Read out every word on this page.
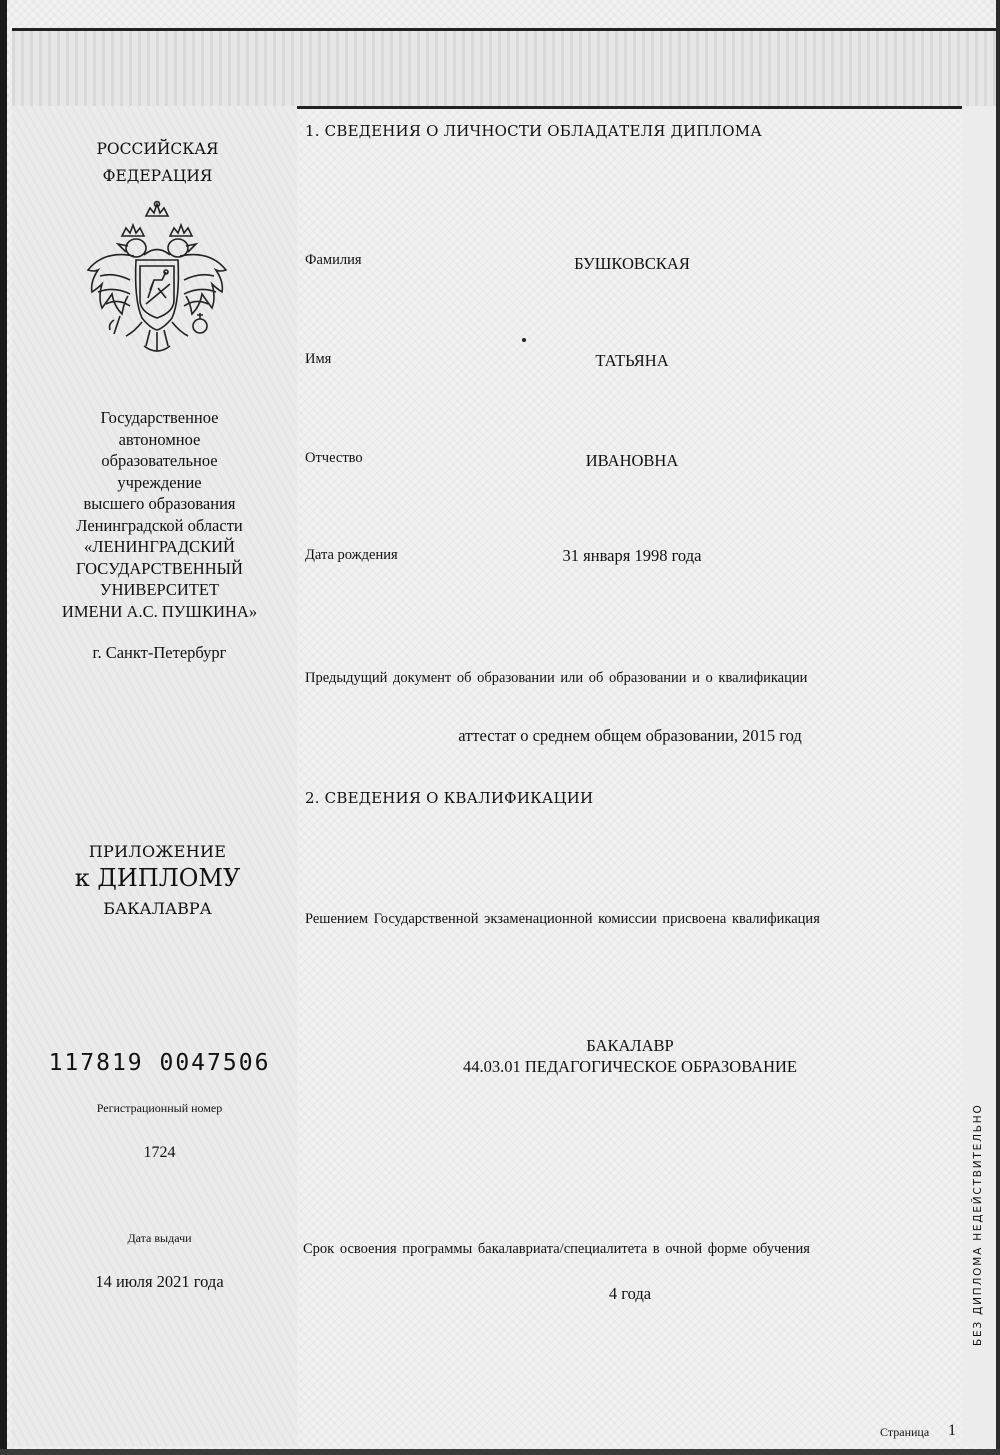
РОССИЙСКАЯ
ФЕДЕРАЦИЯ
Государственное
автономное
образовательное
учреждение
высшего образования
Ленинградской области
«ЛЕНИНГРАДСКИЙ
ГОСУДАРСТВЕННЫЙ
УНИВЕРСИТЕТ
ИМЕНИ А.С. ПУШКИНА»
г. Санкт-Петербург
ПРИЛОЖЕНИЕ
к ДИПЛОМУ
БАКАЛАВРА
117819 0047506
Регистрационный номер
1724
Дата выдачи
14 июля 2021 года
1. СВЕДЕНИЯ О ЛИЧНОСТИ ОБЛАДАТЕЛЯ ДИПЛОМА
Фамилия	БУШКОВСКАЯ
Имя	ТАТЬЯНА
Отчество	ИВАНОВНА
Дата рождения	31 января 1998 года
Предыдущий документ об образовании или об образовании и о квалификации
аттестат о среднем общем образовании, 2015 год
2. СВЕДЕНИЯ О КВАЛИФИКАЦИИ
Решением Государственной экзаменационной комиссии присвоена квалификация
БАКАЛАВР
44.03.01 ПЕДАГОГИЧЕСКОЕ ОБРАЗОВАНИЕ
Срок освоения программы бакалавриата/специалитета в очной форме обучения
4 года	БЕЗ ДИПЛОМА НЕДЕЙСТВИТЕЛЬНО
Страница 1
